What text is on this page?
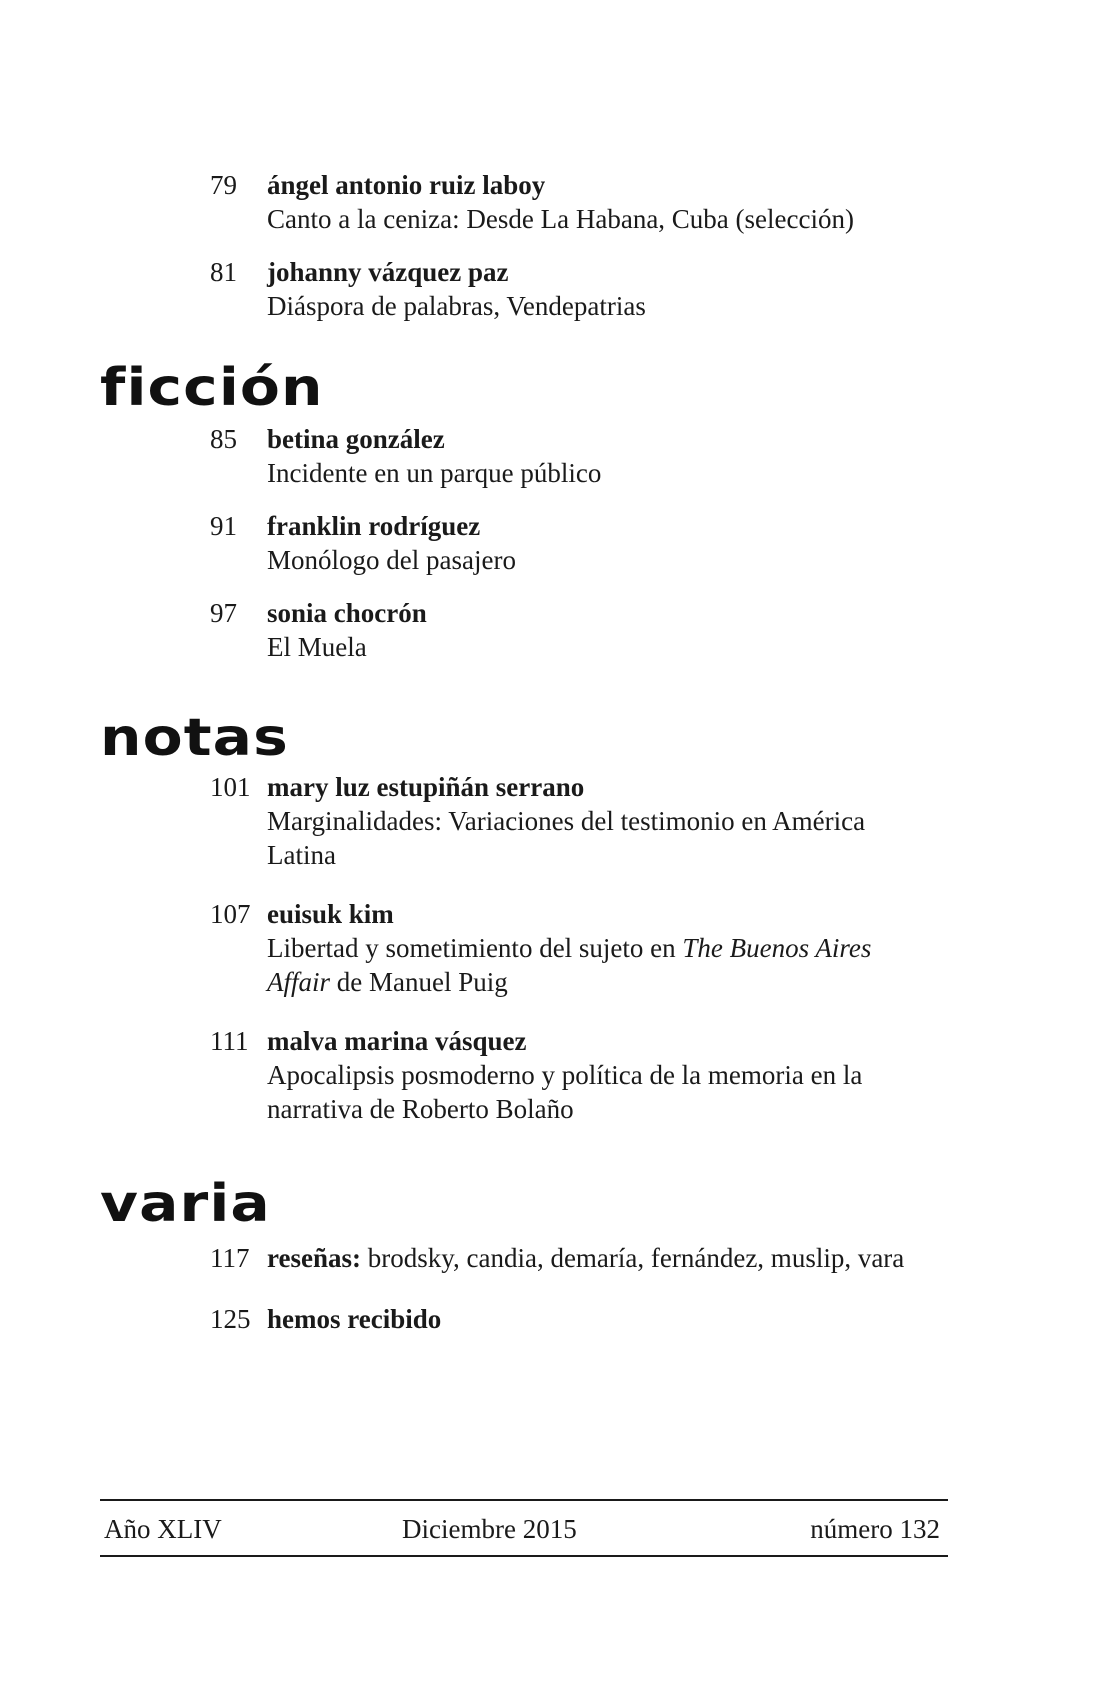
79	ángel antonio ruiz laboy
Canto a la ceniza: Desde La Habana, Cuba (selección)
81	johanny vázquez paz
Diáspora de palabras, Vendepatrias
ficción
85	betina gonzález
Incidente en un parque público
91	franklin rodríguez
Monólogo del pasajero
97	sonia chocrón
El Muela
notas
101 mary luz estupiñán serrano
Marginalidades: Variaciones del testimonio en América
Latina
107 euisuk kim
Libertad y sometimiento del sujeto en The Buenos Aires
Affair de Manuel Puig
111 malva marina vásquez
Apocalipsis posmoderno y política de la memoria en la
narrativa de Roberto Bolaño
varia
117 reseñas: brodsky, candia, demaría, fernández, muslip, vara
125 hemos recibido
Año XLIV	Diciembre 2015	número 132
